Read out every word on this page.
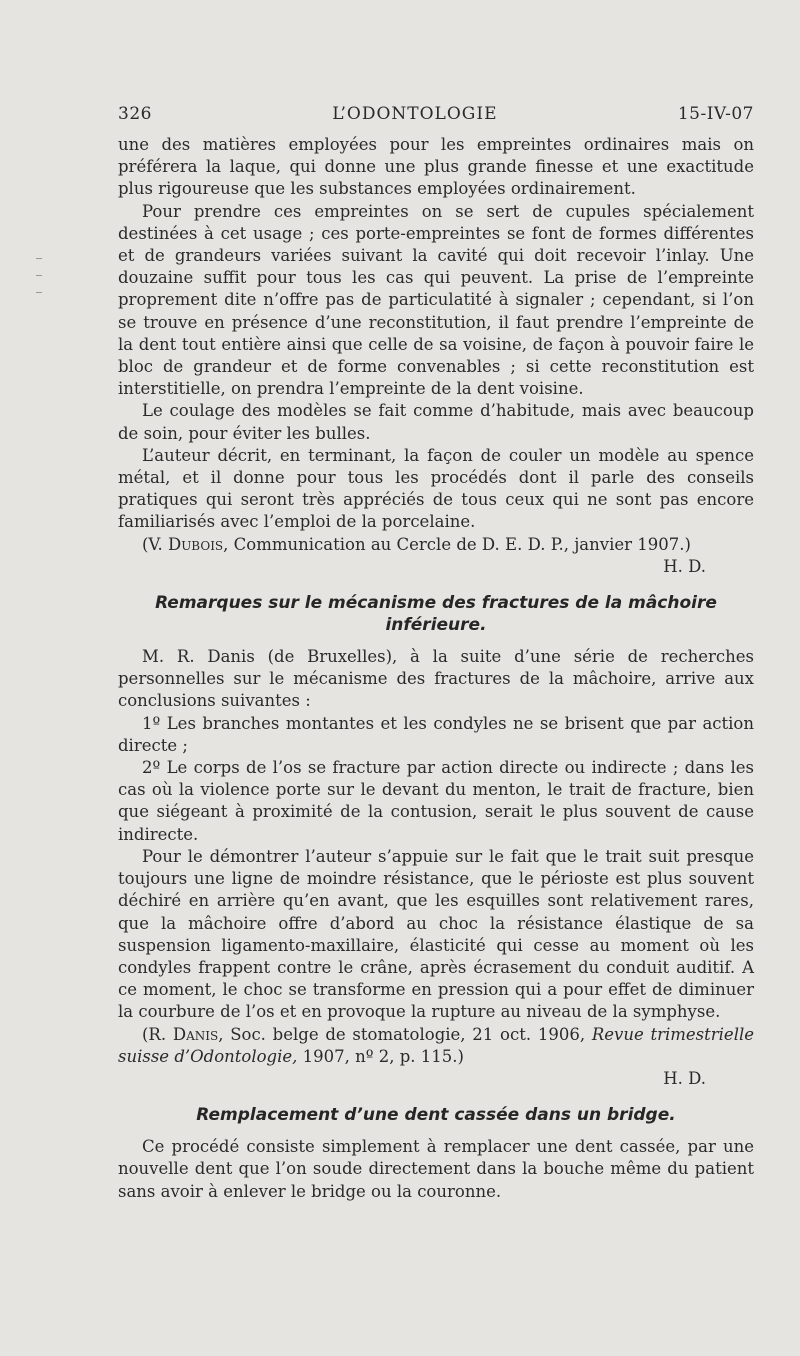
326	L’ODONTOLOGIE	15-IV-07

une des matières employées pour les empreintes ordinaires mais on préférera la laque, qui donne une plus grande finesse et une exactitude plus rigoureuse que les substances employées ordinairement.

Pour prendre ces empreintes on se sert de cupules spécialement destinées à cet usage ; ces porte-empreintes se font de formes différentes et de grandeurs variées suivant la cavité qui doit recevoir l’inlay. Une douzaine suffit pour tous les cas qui peuvent. La prise de l’empreinte proprement dite n’offre pas de particulatité à signaler ; cependant, si l’on se trouve en présence d’une reconstitution, il faut prendre l’empreinte de la dent tout entière ainsi que celle de sa voisine, de façon à pouvoir faire le bloc de grandeur et de forme convenables ; si cette reconstitution est interstitielle, on prendra l’empreinte de la dent voisine.

Le coulage des modèles se fait comme d’habitude, mais avec beaucoup de soin, pour éviter les bulles.

L’auteur décrit, en terminant, la façon de couler un modèle au spence métal, et il donne pour tous les procédés dont il parle des conseils pratiques qui seront très appréciés de tous ceux qui ne sont pas encore familiarisés avec l’emploi de la porcelaine.

(V. Dubois, Communication au Cercle de D. E. D. P., janvier 1907.)

H. D.
Remarques sur le mécanisme des fractures de la mâchoire inférieure.

M. R. Danis (de Bruxelles), à la suite d’une série de recherches personnelles sur le mécanisme des fractures de la mâchoire, arrive aux conclusions suivantes :

1º Les branches montantes et les condyles ne se brisent que par action directe ;

2º Le corps de l’os se fracture par action directe ou indirecte ; dans les cas où la violence porte sur le devant du menton, le trait de fracture, bien que siégeant à proximité de la contusion, serait le plus souvent de cause indirecte.

Pour le démontrer l’auteur s’appuie sur le fait que le trait suit presque toujours une ligne de moindre résistance, que le périoste est plus souvent déchiré en arrière qu’en avant, que les esquilles sont relativement rares, que la mâchoire offre d’abord au choc la résistance élastique de sa suspension ligamento-maxillaire, élasticité qui cesse au moment où les condyles frappent contre le crâne, après écrasement du conduit auditif. A ce moment, le choc se transforme en pression qui a pour effet de diminuer la courbure de l’os et en provoque la rupture au niveau de la symphyse.

(R. Danis, Soc. belge de stomatologie, 21 oct. 1906, Revue trimestrielle suisse d’Odontologie, 1907, nº 2, p. 115.)

H. D.
Remplacement d’une dent cassée dans un bridge.

Ce procédé consiste simplement à remplacer une dent cassée, par une nouvelle dent que l’on soude directement dans la bouche même du patient sans avoir à enlever le bridge ou la couronne.
